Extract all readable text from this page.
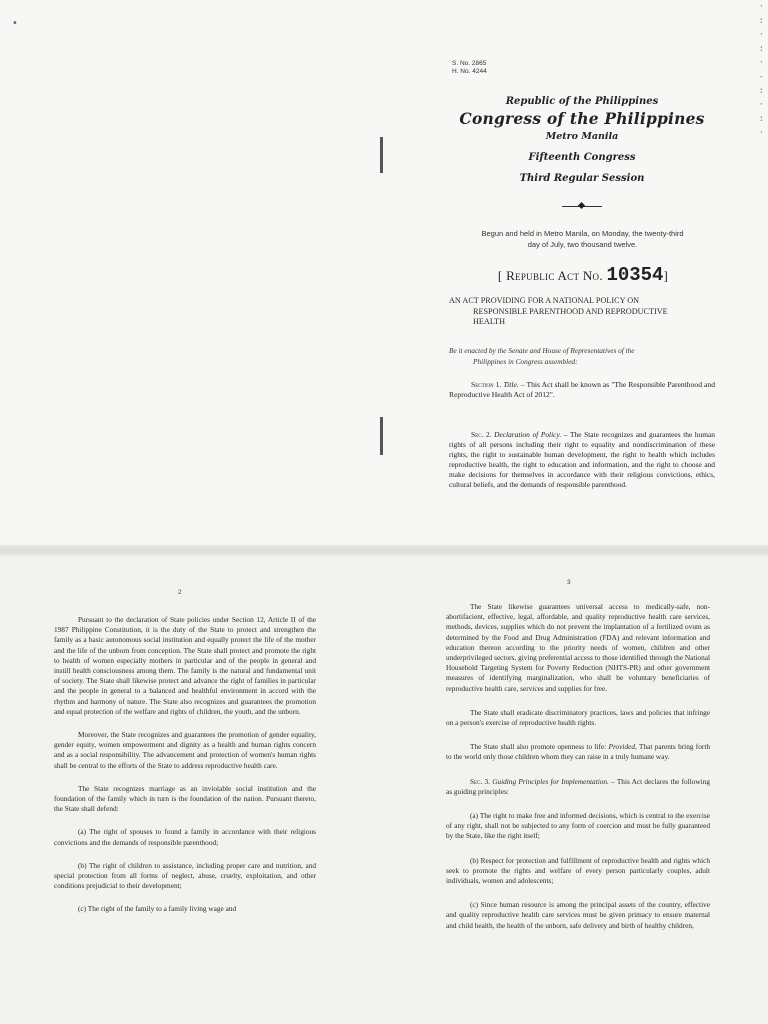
•
·
:
·
:
·
-
:
·
:
·
S. No. 2865
H. No. 4244
Republic of the Philippines
Congress of the Philippines
Metro Manila
Fifteenth Congress
Third Regular Session
Begun and held in Metro Manila, on Monday, the twenty-third
day of July, two thousand twelve.
[ Republic Act No. 10354]
AN ACT PROVIDING FOR A NATIONAL POLICY ON
RESPONSIBLE PARENTHOOD AND REPRODUCTIVE
HEALTH
Be it enacted by the Senate and House of Representatives of the
Philippines in Congress assembled:
Section 1. Title. – This Act shall be known as "The Responsible Parenthood and Reproductive Health Act of 2012".
Sec. 2. Declaration of Policy. – The State recognizes and guarantees the human rights of all persons including their right to equality and nondiscrimination of these rights, the right to sustainable human development, the right to health which includes reproductive health, the right to education and information, and the right to choose and make decisions for themselves in accordance with their religious convictions, ethics, cultural beliefs, and the demands of responsible parenthood.
2

Pursuant to the declaration of State policies under Section 12, Article II of the 1987 Philippine Constitution, it is the duty of the State to protect and strengthen the family as a basic autonomous social institution and equally protect the life of the mother and the life of the unborn from conception. The State shall protect and promote the right to health of women especially mothers in particular and of the people in general and instill health consciousness among them. The family is the natural and fundamental unit of society. The State shall likewise protect and advance the right of families in particular and the people in general to a balanced and healthful environment in accord with the rhythm and harmony of nature. The State also recognizes and guarantees the promotion and equal protection of the welfare and rights of children, the youth, and the unborn.

Moreover, the State recognizes and guarantees the promotion of gender equality, gender equity, women empowerment and dignity as a health and human rights concern and as a social responsibility. The advancement and protection of women's human rights shall be central to the efforts of the State to address reproductive health care.

The State recognizes marriage as an inviolable social institution and the foundation of the family which in turn is the foundation of the nation. Pursuant thereto, the State shall defend:

(a) The right of spouses to found a family in accordance with their religious convictions and the demands of responsible parenthood;

(b) The right of children to assistance, including proper care and nutrition, and special protection from all forms of neglect, abuse, cruelty, exploitation, and other conditions prejudicial to their development;

(c) The right of the family to a family living wage and

3

The State likewise guarantees universal access to medically-safe, non-abortifacient, effective, legal, affordable, and quality reproductive health care services, methods, devices, supplies which do not prevent the implantation of a fertilized ovum as determined by the Food and Drug Administration (FDA) and relevant information and education thereon according to the priority needs of women, children and other underprivileged sectors, giving preferential access to those identified through the National Household Targeting System for Poverty Reduction (NHTS-PR) and other government measures of identifying marginalization, who shall be voluntary beneficiaries of reproductive health care, services and supplies for free.

The State shall eradicate discriminatory practices, laws and policies that infringe on a person's exercise of reproductive health rights.

The State shall also promote openness to life: Provided, That parents bring forth to the world only those children whom they can raise in a truly humane way.

Sec. 3. Guiding Principles for Implementation. – This Act declares the following as guiding principles:

(a) The right to make free and informed decisions, which is central to the exercise of any right, shall not be subjected to any form of coercion and must be fully guaranteed by the State, like the right itself;

(b) Respect for protection and fulfillment of reproductive health and rights which seek to promote the rights and welfare of every person particularly couples, adult individuals, women and adolescents;

(c) Since human resource is among the principal assets of the country, effective and quality reproductive health care services must be given primacy to ensure maternal and child health, the health of the unborn, safe delivery and birth of healthy children,
